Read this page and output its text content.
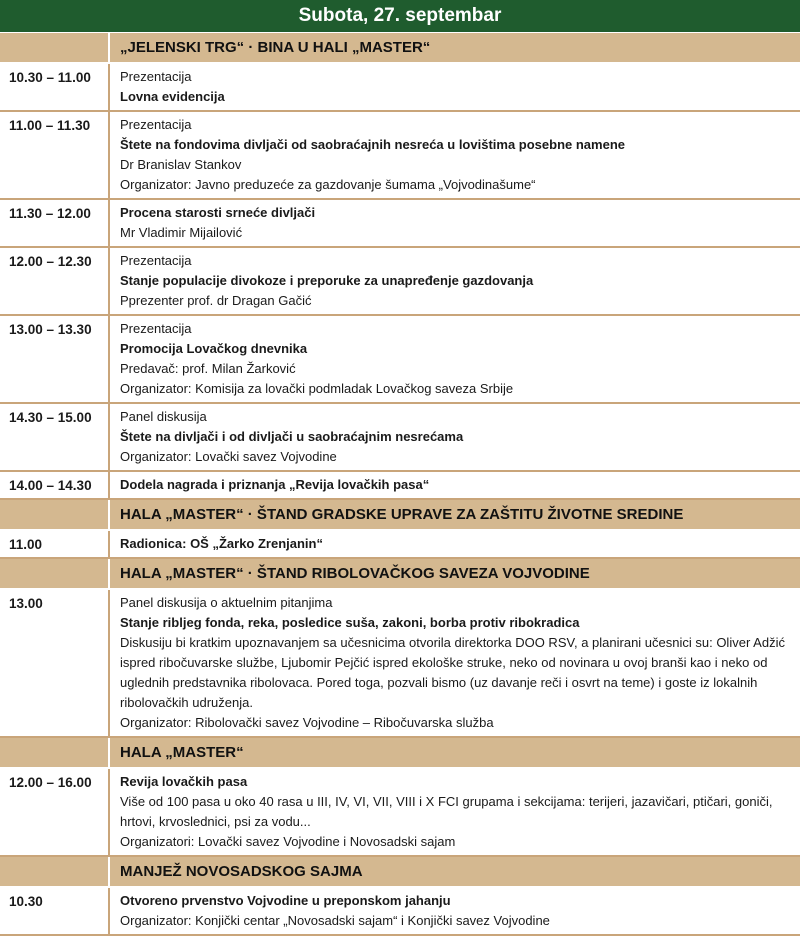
Subota, 27. septembar
	„JELENSKI TRG“ · BINA U HALI „MASTER“
10.30 – 11.00	Prezentacija
Lovna evidencija

11.00 – 11.30	Prezentacija
Štete na fondovima divljači od saobraćajnih nesreća u lovištima posebne namene
Dr Branislav Stankov
Organizator: Javno preduzeće za gazdovanje šumama „Vojvodinašume“

11.30 – 12.00	Procena starosti srneće divljači
Mr Vladimir Mijailović

12.00 – 12.30	Prezentacija
Stanje populacije divokoze i preporuke za unapređenje gazdovanja
Pprezenter prof. dr Dragan Gačić

13.00 – 13.30	Prezentacija
Promocija Lovačkog dnevnika
Predavač: prof. Milan Žarković
Organizator: Komisija za lovački podmladak Lovačkog saveza Srbije

14.30 – 15.00	Panel diskusija
Štete na divljači i od divljači u saobraćajnim nesrećama
Organizator: Lovački savez Vojvodine

14.00 – 14.30	Dodela nagrada i priznanja „Revija lovačkih pasa“

	HALA „MASTER“ · ŠTAND GRADSKE UPRAVE ZA ZAŠTITU ŽIVOTNE SREDINE
11.00	Radionica: OŠ „Žarko Zrenjanin“

	HALA „MASTER“ · ŠTAND RIBOLOVAČKOG SAVEZA VOJVODINE
13.00	Panel diskusija o aktuelnim pitanjima
Stanje ribljeg fonda, reka, posledice suša, zakoni, borba protiv ribokradica
Diskusiju bi kratkim upoznavanjem sa učesnicima otvorila direktorka DOO RSV, a planirani učesnici su: Oliver Adžić ispred ribočuvarske službe, Ljubomir Pejčić ispred ekološke struke, neko od novinara u ovoj branši kao i neko od uglednih predstavnika ribolovaca. Pored toga, pozvali bismo (uz davanje reči i osvrt na teme) i goste iz lokalnih ribolovačkih udruženja.
Organizator: Ribolovački savez Vojvodine – Ribočuvarska služba

	HALA „MASTER“
12.00 – 16.00	Revija lovačkih pasa
Više od 100 pasa u oko 40 rasa u III, IV, VI, VII, VIII i X FCI grupama i sekcijama: terijeri, jazavičari, ptičari, goniči, hrtovi, krvoslednici, psi za vodu...
Organizatori: Lovački savez Vojvodine i Novosadski sajam

	MANJEŽ NOVOSADSKOG SAJMA
10.30	Otvoreno prvenstvo Vojvodine u preponskom jahanju
Organizator: Konjički centar „Novosadski sajam“ i Konjički savez Vojvodine
